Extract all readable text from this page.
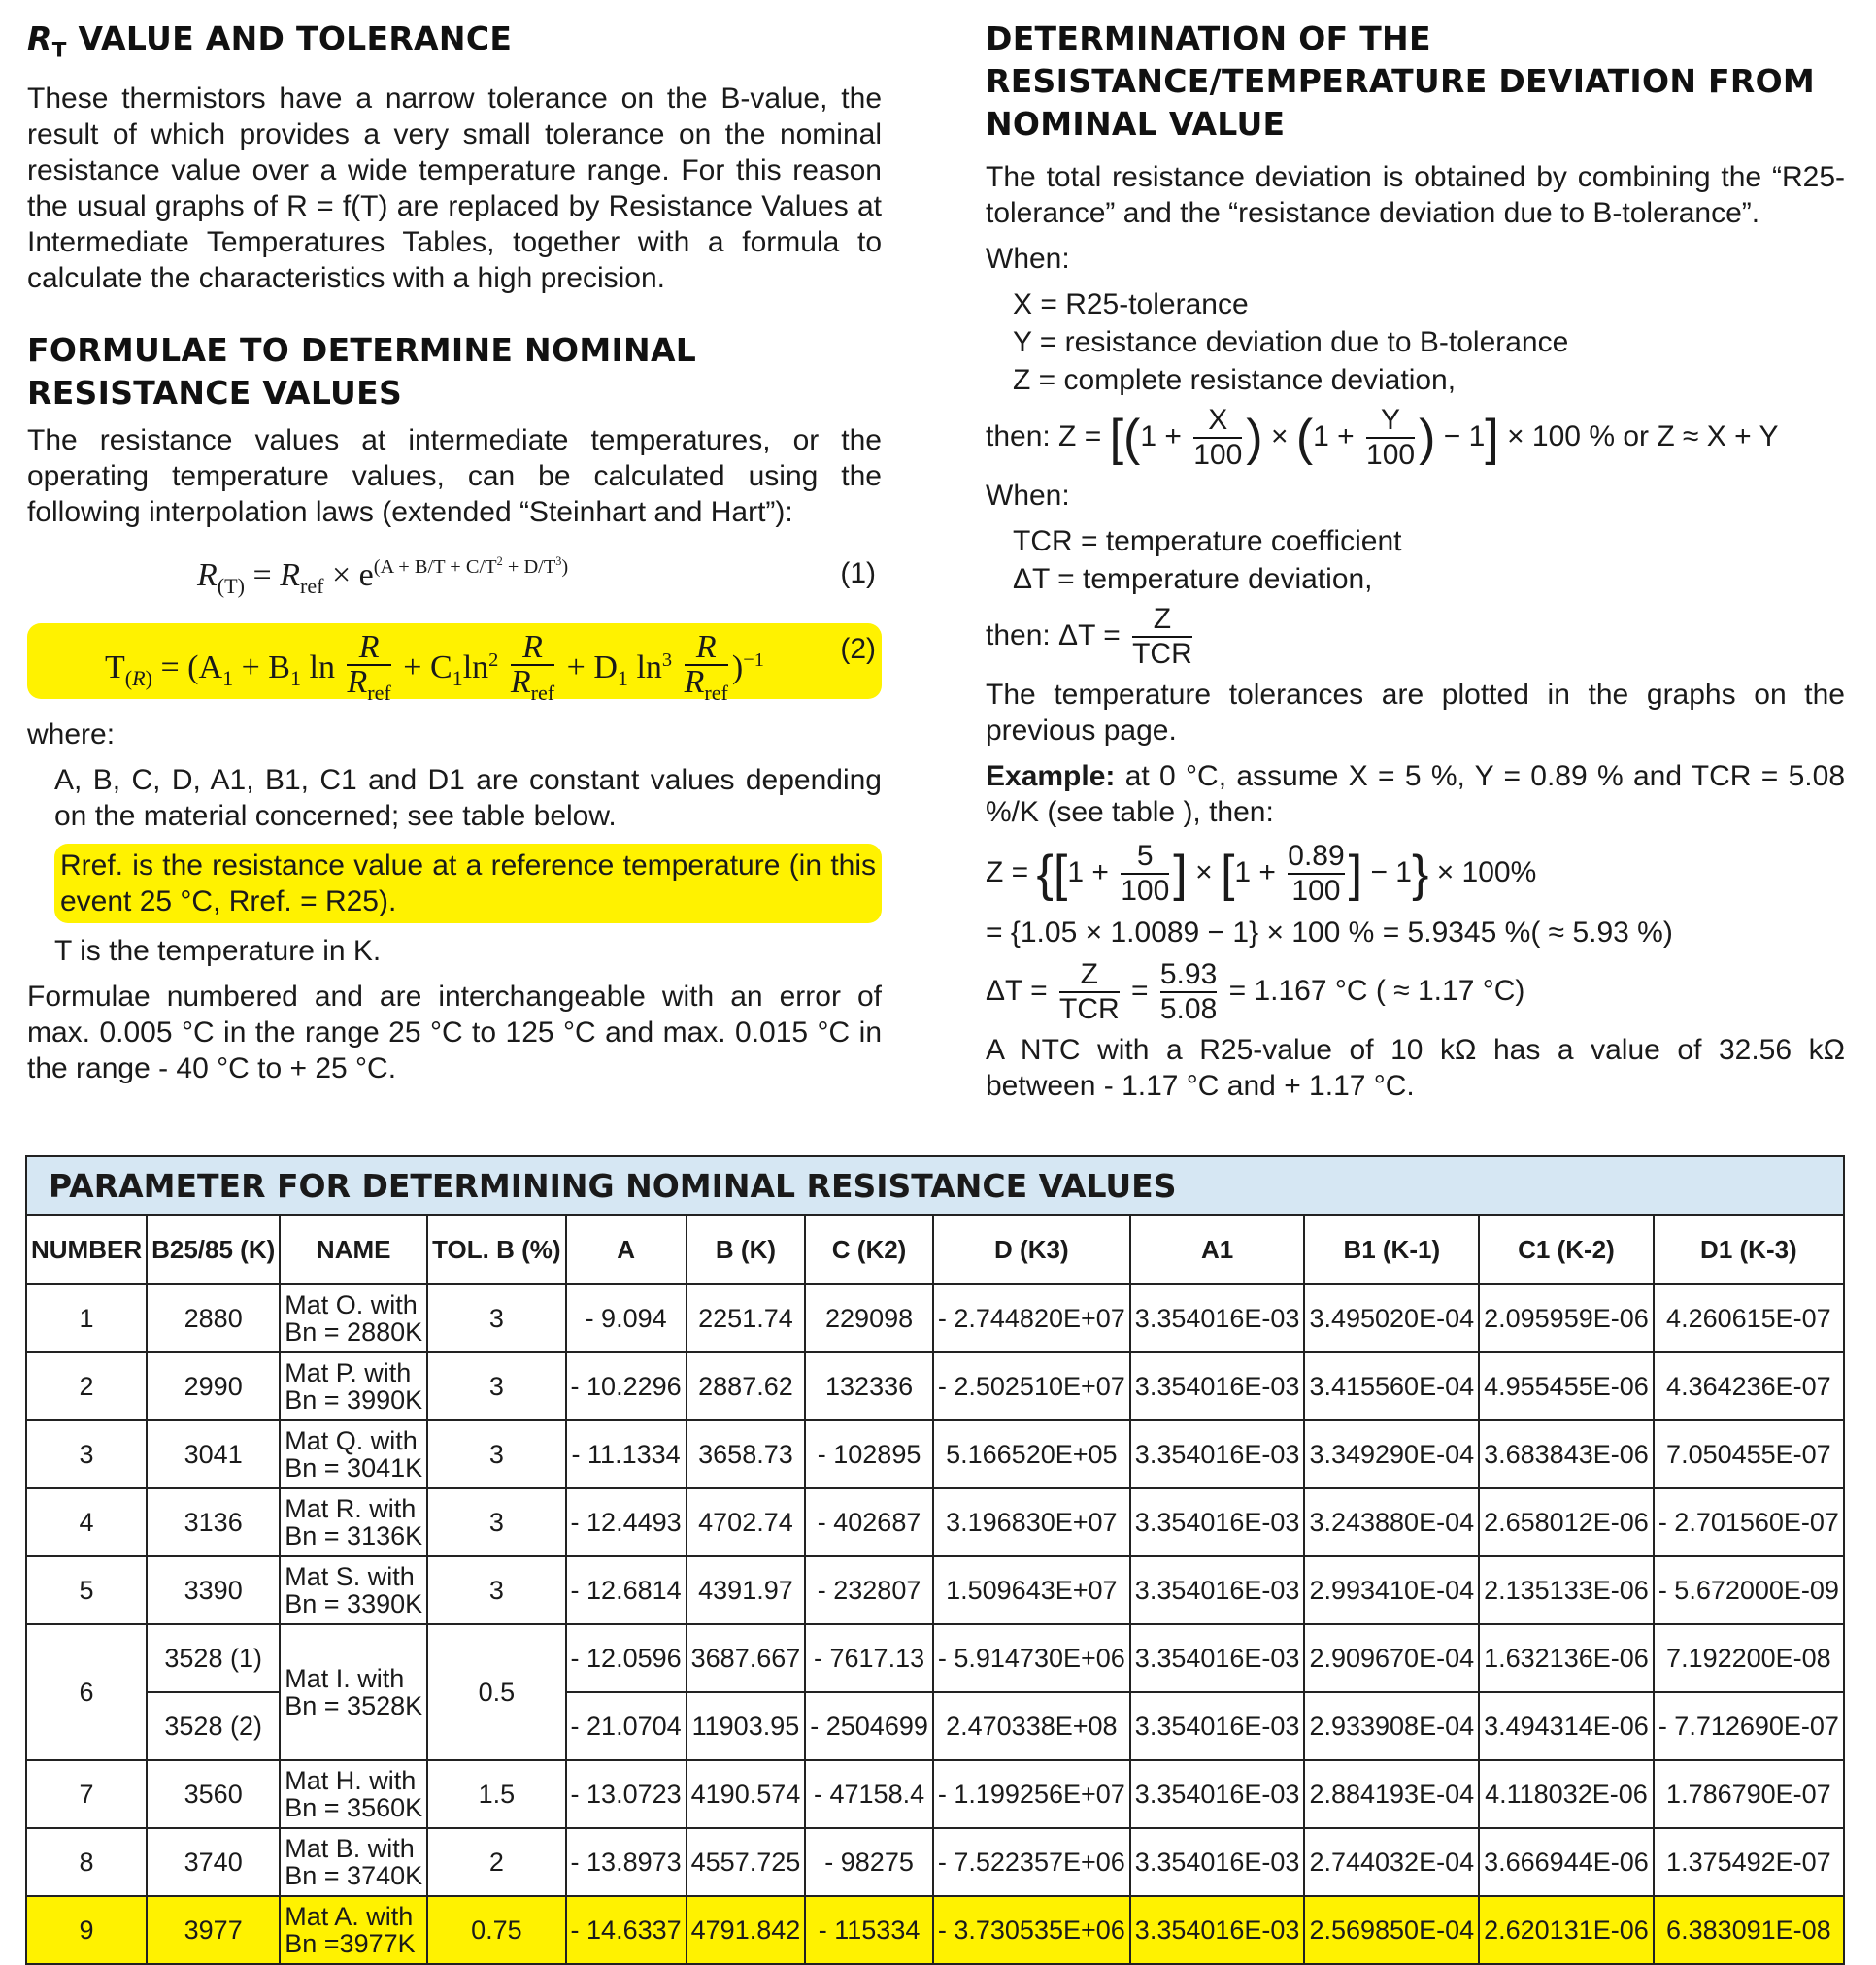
$R_T$ VALUE AND TOLERANCE

These thermistors have a narrow tolerance on the B-value, the result of which provides a very small tolerance on the nominal resistance value over a wide temperature range. For this reason the usual graphs of R = f(T) are replaced by Resistance Values at Intermediate Temperatures Tables, together with a formula to calculate the characteristics with a high precision.

FORMULAE TO DETERMINE NOMINAL RESISTANCE VALUES

The resistance values at intermediate temperatures, or the operating temperature values, can be calculated using the following interpolation laws (extended “Steinhart and Hart”):

$R_{(T)} = R_{ref} \times e^{(A + B/T + C/T^2 + D/T^3)}$	(1)
$T_{(R)} = (A_1 + B_1$ $\ln \frac{R}{R_{ref}} + C_1\ln^2 \frac{R}{R_{ref}} + D_1$ $\ln^3 \frac{R}{R_{ref}} )^{-1}$	(2)

where:

A, B, C, D, A1, B1, C1 and D1 are constant values depending on the material concerned; see table below.

Rref. is the resistance value at a reference temperature (in this event 25 °C, Rref. = R25).

T is the temperature in K.

Formulae numbered and are interchangeable with an error of max. 0.005 °C in the range 25 °C to 125 °C and max. 0.015 °C in the range - 40 °C to + 25 °C.

DETERMINATION OF THE RESISTANCE/TEMPERATURE DEVIATION FROM NOMINAL VALUE

The total resistance deviation is obtained by combining the “R25-tolerance” and the “resistance deviation due to B-tolerance”.

When:

X = R25-tolerance

Y = resistance deviation due to B-tolerance

Z = complete resistance deviation,

then: $Z = [(1 + \frac{X}{100}$ ) × ($1 + \frac{Y}{100}$ ) − 1] × 100 % or Z ≈ X + Y

When:

TCR = temperature coefficient

ΔT = temperature deviation,

then: $\Delta T = \frac{Z}{\text{TCR}}$

The temperature tolerances are plotted in the graphs on the previous page.

Example: at 0 °C, assume X = 5 %, Y = 0.89 % and TCR = 5.08 %/K (see table ), then:

$Z = \{[1 + \frac{5}{100}$ ] × [$1 + \frac{0.89}{100}$ ] − 1} × 100%
= {1.05 × 1.0089 − 1} × 100 % = 5.9345 %( ≈ 5.93 %)
$\Delta T = \frac{Z}{\text{TCR}} = \frac{5.93}{5.08} = 1.167$ °C ( ≈ 1.17 °C)

A NTC with a R25-value of 10 kΩ has a value of 32.56 kΩ between - 1.17 °C and + 1.17 °C.

PARAMETER FOR DETERMINING NOMINAL RESISTANCE VALUES											
NUMBER	B25/85 (K)	NAME	TOL. B (%)	A	B (K)	C (K2)	D (K3)	A1	B1 (K-1)	C1 (K-2)	D1 (K-3)
1	2880	Mat O. with
Bn = 2880K	3	- 9.094	2251.74	229098	- 2.744820E+07	3.354016E-03	3.495020E-04	2.095959E-06	4.260615E-07
2	2990	Mat P. with
Bn = 3990K	3	- 10.2296	2887.62	132336	- 2.502510E+07	3.354016E-03	3.415560E-04	4.955455E-06	4.364236E-07
3	3041	Mat Q. with
Bn = 3041K	3	- 11.1334	3658.73	- 102895	5.166520E+05	3.354016E-03	3.349290E-04	3.683843E-06	7.050455E-07
4	3136	Mat R. with
Bn = 3136K	3	- 12.4493	4702.74	- 402687	3.196830E+07	3.354016E-03	3.243880E-04	2.658012E-06	- 2.701560E-07
5	3390	Mat S. with
Bn = 3390K	3	- 12.6814	4391.97	- 232807	1.509643E+07	3.354016E-03	2.993410E-04	2.135133E-06	- 5.672000E-09
6	3528 (1)	Mat I. with
Bn = 3528K	0.5	- 12.0596	3687.667	- 7617.13	- 5.914730E+06	3.354016E-03	2.909670E-04	1.632136E-06	7.192200E-08
	3528 (2)			- 21.0704	11903.95	- 2504699	2.470338E+08	3.354016E-03	2.933908E-04	3.494314E-06	- 7.712690E-07
7	3560	Mat H. with
Bn = 3560K	1.5	- 13.0723	4190.574	- 47158.4	- 1.199256E+07	3.354016E-03	2.884193E-04	4.118032E-06	1.786790E-07
8	3740	Mat B. with
Bn = 3740K	2	- 13.8973	4557.725	- 98275	- 7.522357E+06	3.354016E-03	2.744032E-04	3.666944E-06	1.375492E-07
9	3977	Mat A. with
Bn =3977K	0.75	- 14.6337	4791.842	- 115334	- 3.730535E+06	3.354016E-03	2.569850E-04	2.620131E-06	6.383091E-08
